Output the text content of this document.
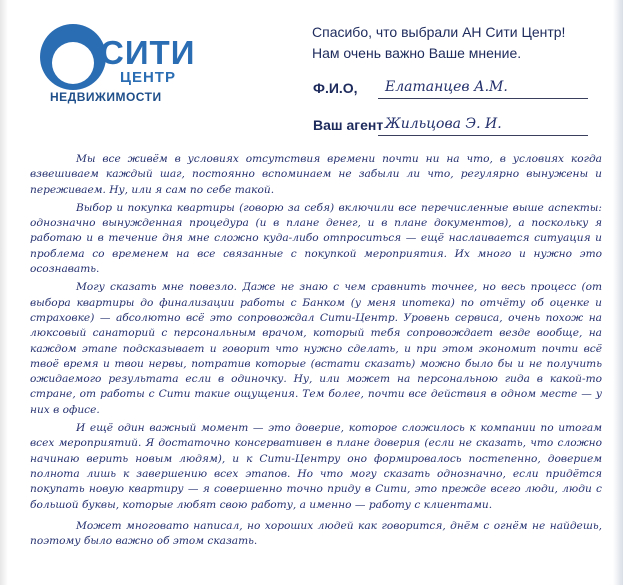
СИТИ
ЦЕНТР
НЕДВИЖИМОСТИ
Спасибо, что выбрали АН Сити Центр!
Нам очень важно Ваше мнение.
Ф.И.О, Елатанцев А.М.
Ваш агент Жильцова Э. И.

Мы все живём в условиях отсутствия времени почти ни на что, в условиях когда взвешиваем каждый шаг, постоянно вспоминаем не забыли ли что, регулярно вынужены и переживаем. Ну, или я сам по себе такой.

Выбор и покупка квартиры (говорю за себя) включили все перечисленные выше аспекты: однозначно вынужденная процедура (и в плане денег, и в плане документов), а поскольку я работаю и в течение дня мне сложно куда-либо отпроситься — ещё наслаивается ситуация и проблема со временем на все связанные с покупкой мероприятия. Их много и нужно это осознавать.

Могу сказать мне повезло. Даже не знаю с чем сравнить точнее, но весь процесс (от выбора квартиры до финализации работы с Банком (у меня ипотека) по отчёту об оценке и страховке) — абсолютно всё это сопровождал Сити-Центр. Уровень сервиса, очень похож на люксовый санаторий с персональным врачом, который тебя сопровождает везде вообще, на каждом этапе подсказывает и говорит что нужно сделать, и при этом экономит почти всё твоё время и твои нервы, потратив которые (встати сказать) можно было бы и не получить ожидаемого результата если в одиночку. Ну, или может на персональною гида в какой-то стране, от работы с Сити такие ощущения. Тем более, почти все действия в одном месте — у них в офисе.

И ещё один важный момент — это доверие, которое сложилось к компании по итогам всех мероприятий. Я достаточно консервативен в плане доверия (если не сказать, что сложно начинаю верить новым людям), и к Сити-Центру оно формировалось постепенно, доверием полнота лишь к завершению всех этапов. Но что могу сказать однозначно, если придётся покупать новую квартиру — я совершенно точно приду в Сити, это прежде всего люди, люди с большой буквы, которые любят свою работу, а именно — работу с клиентами.

Может многовато написал, но хороших людей как говорится, днём с огнём не найдешь, поэтому было важно об этом сказать.
